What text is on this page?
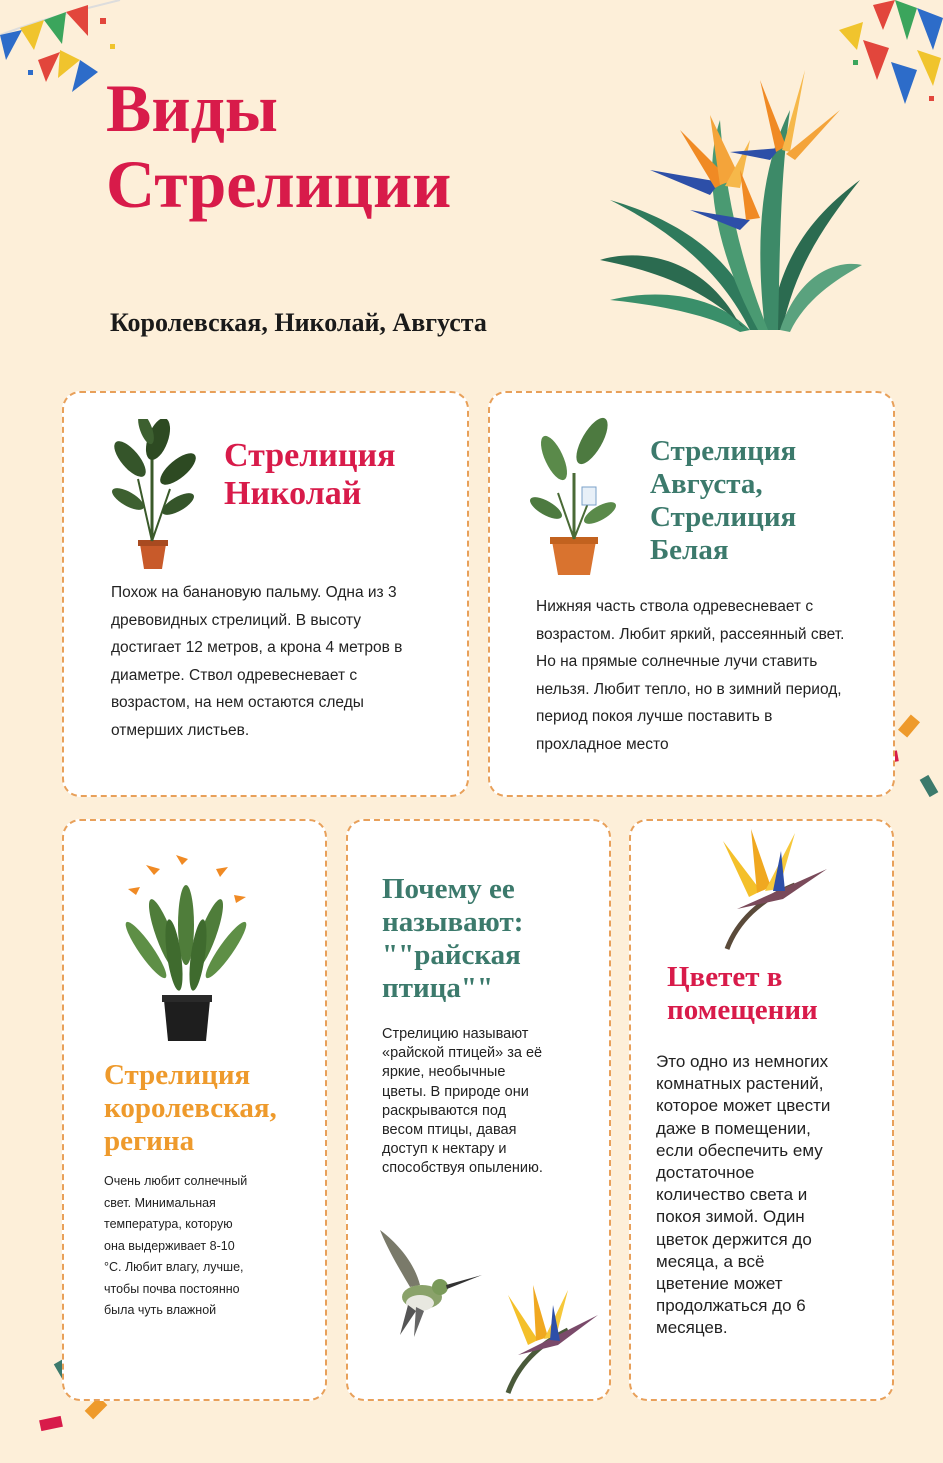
Виды
Стрелиции
Королевская, Николай, Августа
Стрелиция
Николай

Похож на банановую пальму. Одна из 3 древовидных стрелиций. В высоту достигает 12 метров, а крона 4 метров в диаметре. Ствол одревесневает с возрастом, на нем остаются следы отмерших листьев.

Стрелиция
Августа,
Стрелиция
Белая

Нижняя часть ствола одревесневает с возрастом. Любит яркий, рассеянный свет. Но на прямые солнечные лучи ставить нельзя. Любит тепло, но в зимний период, период покоя лучше поставить в прохладное место

Стрелиция
королевская,
регина

Очень любит солнечный свет. Минимальная температура, которую она выдерживает 8-10 °С. Любит влагу, лучше, чтобы почва постоянно была чуть влажной

Почему ее
называют:
""райская
птица""

Стрелицию называют «райской птицей» за её яркие, необычные цветы. В природе они раскрываются под весом птицы, давая доступ к нектару и способствуя опылению.

Цветет в
помещении

Это одно из немногих комнатных растений, которое может цвести даже в помещении, если обеспечить ему достаточное количество света и покоя зимой. Один цветок держится до месяца, а всё цветение может продолжаться до 6 месяцев.
